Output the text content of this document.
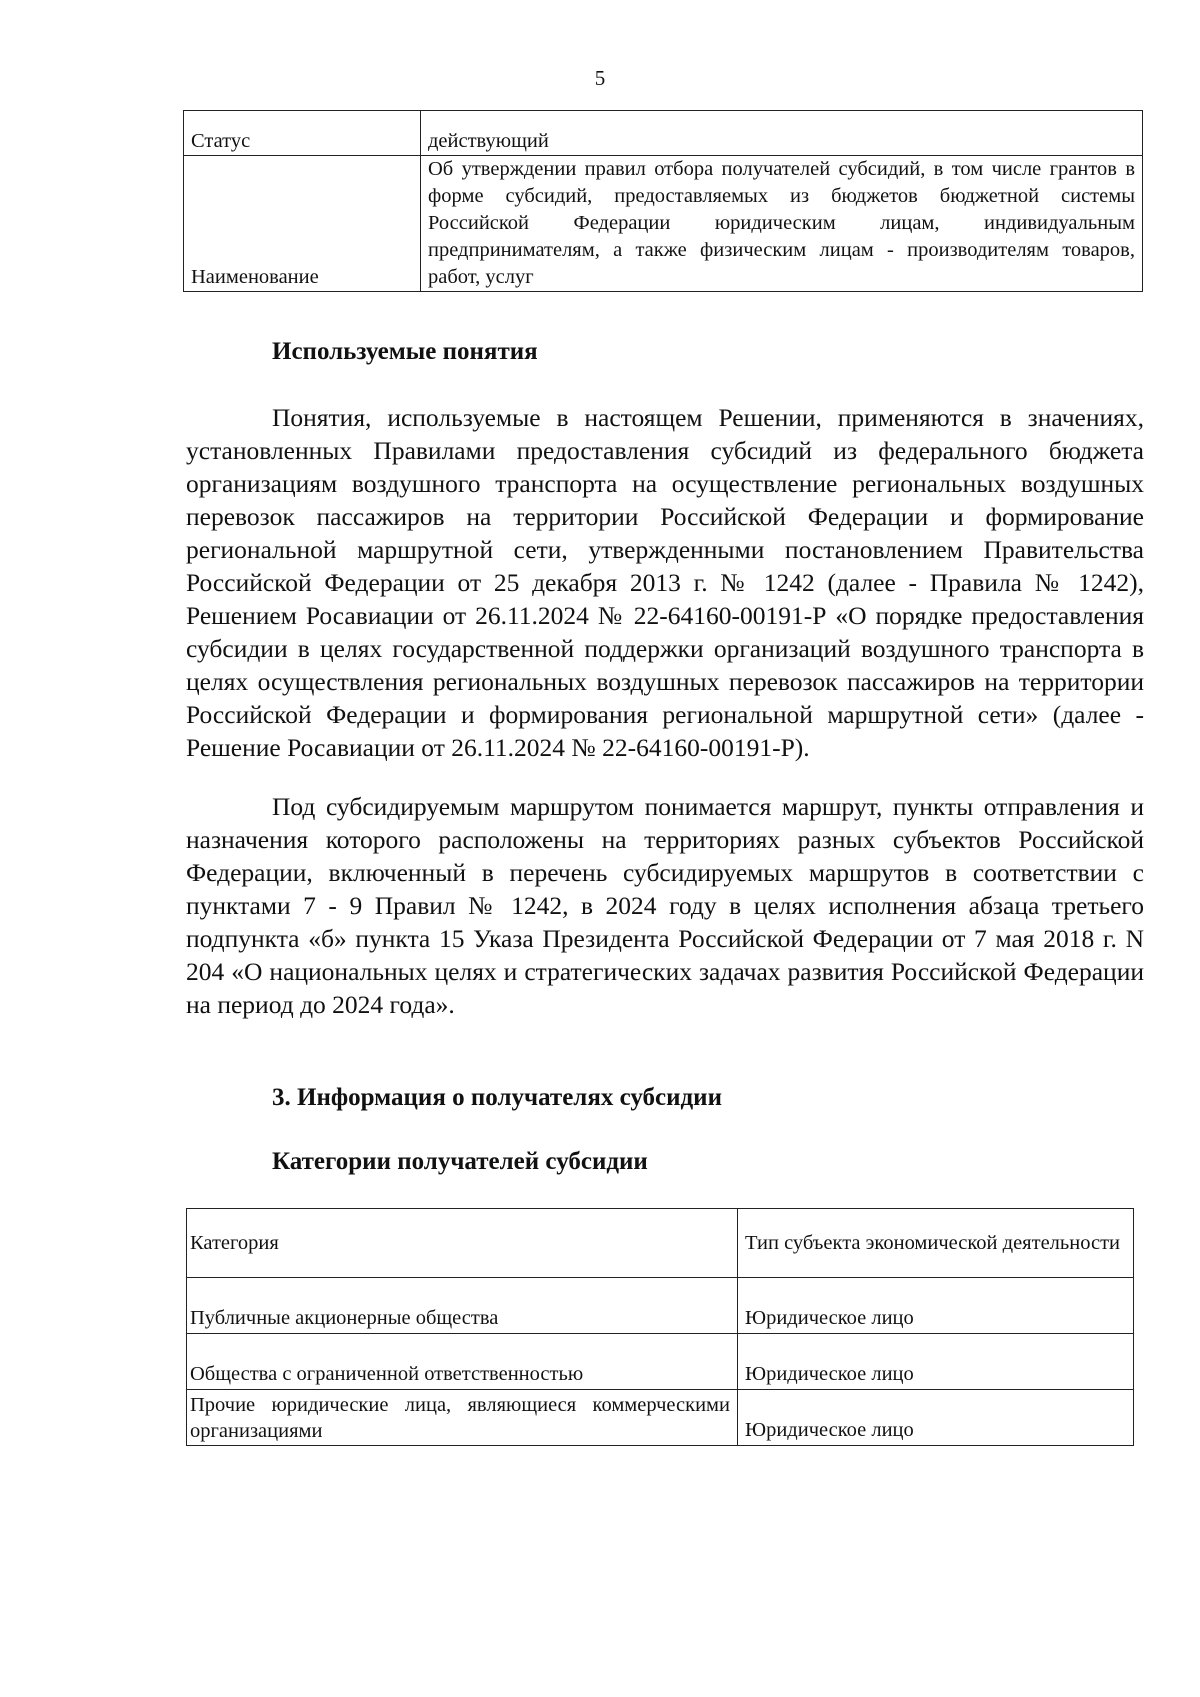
5
Статус	действующий
Наименование	Об утверждении правил отбора получателей субсидий, в том числе грантов в форме субсидий, предоставляемых из бюджетов бюджетной системы Российской Федерации юридическим лицам, индивидуальным предпринимателям, а также физическим лицам - производителям товаров, работ, услуг
Используемые понятия

Понятия, используемые в настоящем Решении, применяются в значениях, установленных Правилами предоставления субсидий из федерального бюджета организациям воздушного транспорта на осуществление региональных воздушных перевозок пассажиров на территории Российской Федерации и формирование региональной маршрутной сети, утвержденными постановлением Правительства Российской Федерации от 25 декабря 2013 г. № 1242 (далее - Правила № 1242), Решением Росавиации от 26.11.2024 № 22-64160-00191-Р «О порядке предоставления субсидии в целях государственной поддержки организаций воздушного транспорта в целях осуществления региональных воздушных перевозок пассажиров на территории Российской Федерации и формирования региональной маршрутной сети» (далее - Решение Росавиации от 26.11.2024 № 22-64160-00191-Р).

Под субсидируемым маршрутом понимается маршрут, пункты отправления и назначения которого расположены на территориях разных субъектов Российской Федерации, включенный в перечень субсидируемых маршрутов в соответствии с пунктами 7 - 9 Правил № 1242, в 2024 году в целях исполнения абзаца третьего подпункта «б» пункта 15 Указа Президента Российской Федерации от 7 мая 2018 г. N 204 «О национальных целях и стратегических задачах развития Российской Федерации на период до 2024 года».

3. Информация о получателях субсидии
Категории получателей субсидии
Категория	Тип субъекта экономической деятельности
Публичные акционерные общества	Юридическое лицо
Общества с ограниченной ответственностью	Юридическое лицо
Прочие юридические лица, являющиеся коммерческими организациями	Юридическое лицо
